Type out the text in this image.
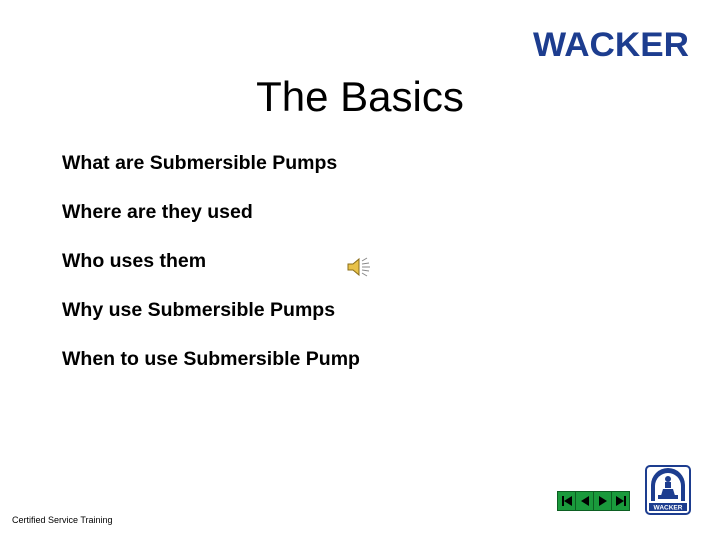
WACKER
The Basics
What are Submersible Pumps
Where are they used
Who uses them
Why use Submersible Pumps
When to use Submersible Pump
WACKER
Certified Service Training
